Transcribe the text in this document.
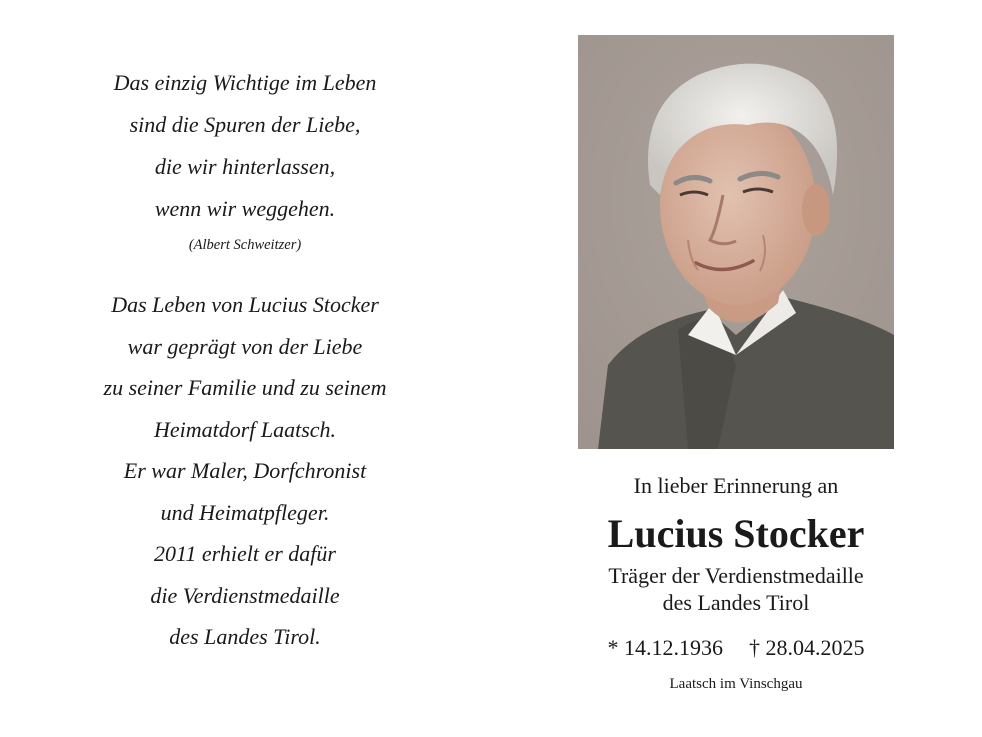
Das einzig Wichtige im Leben
sind die Spuren der Liebe,
die wir hinterlassen,
wenn wir weggehen.
(Albert Schweitzer)
Das Leben von Lucius Stocker
war geprägt von der Liebe
zu seiner Familie und zu seinem
Heimatdorf Laatsch.
Er war Maler, Dorfchronist
und Heimatpfleger.
2011 erhielt er dafür
die Verdienstmedaille
des Landes Tirol.
In lieber Erinnerung an
Lucius Stocker
Träger der Verdienstmedaille
des Landes Tirol
* 14.12.1936 † 28.04.2025
Laatsch im Vinschgau
